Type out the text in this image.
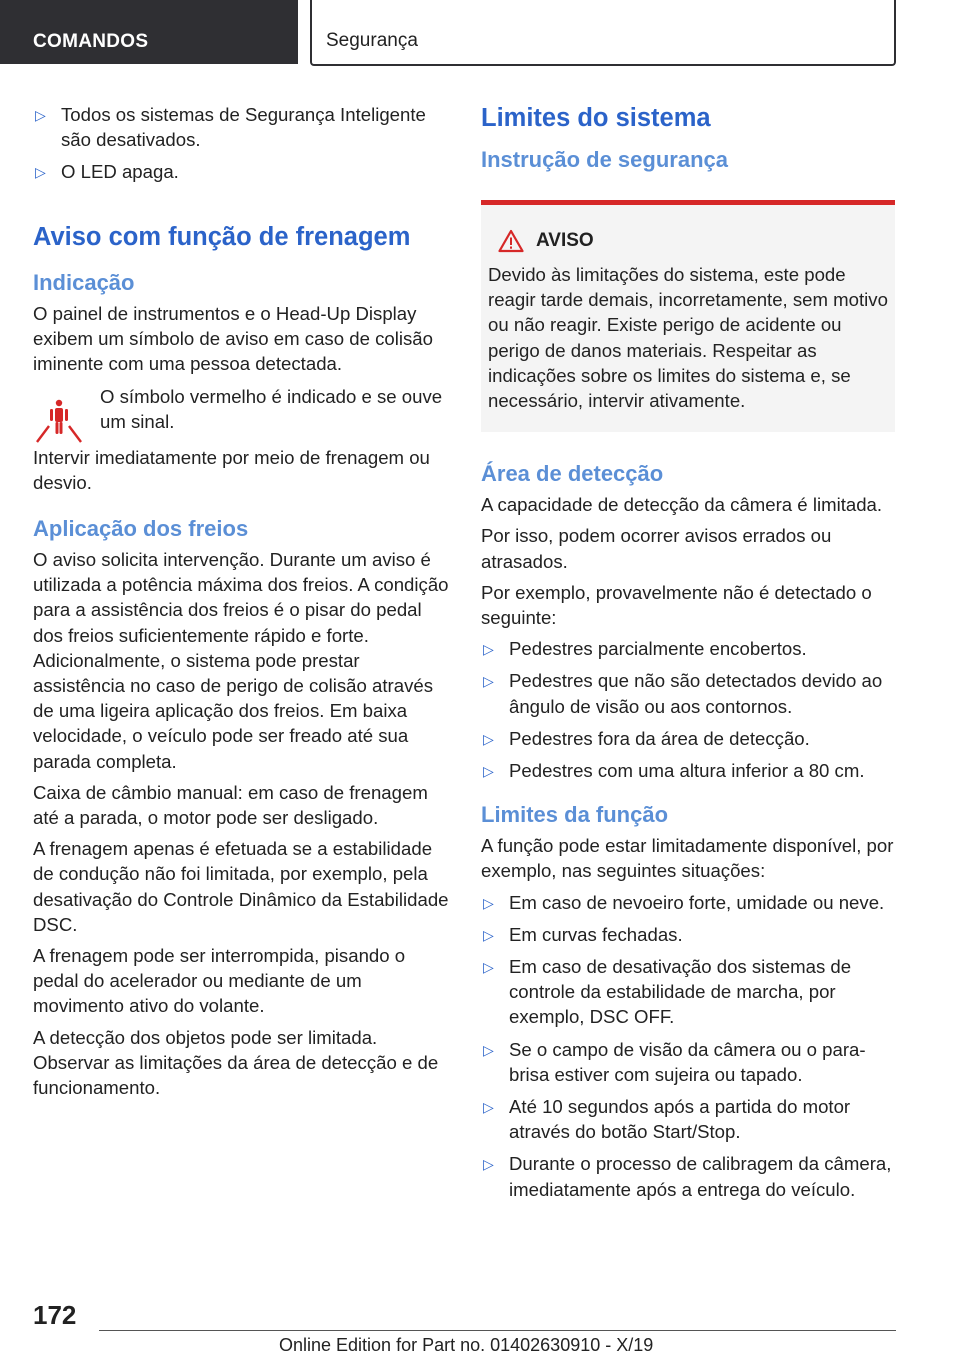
COMANDOS	Segurança
▷ Todos os sistemas de Segurança Inteligente são desativados.
▷ O LED apaga.
Aviso com função de frenagem
Indicação

O painel de instrumentos e o Head-Up Display exibem um símbolo de aviso em caso de colisão iminente com uma pessoa detectada.

O símbolo vermelho é indicado e se ouve um sinal.

Intervir imediatamente por meio de frenagem ou desvio.

Aplicação dos freios

O aviso solicita intervenção. Durante um aviso é utilizada a potência máxima dos freios. A condição para a assistência dos freios é o pisar do pedal dos freios suficientemente rápido e forte. Adicionalmente, o sistema pode prestar assistência no caso de perigo de colisão através de uma ligeira aplicação dos freios. Em baixa velocidade, o veículo pode ser freado até sua parada completa.

Caixa de câmbio manual: em caso de frenagem até a parada, o motor pode ser desligado.

A frenagem apenas é efetuada se a estabilidade de condução não foi limitada, por exemplo, pela desativação do Controle Dinâmico da Estabilidade DSC.

A frenagem pode ser interrompida, pisando o pedal do acelerador ou mediante de um movimento ativo do volante.

A detecção dos objetos pode ser limitada. Observar as limitações da área de detecção e de funcionamento.

Limites do sistema
Instrução de segurança
AVISO

Devido às limitações do sistema, este pode reagir tarde demais, incorretamente, sem motivo ou não reagir. Existe perigo de acidente ou perigo de danos materiais. Respeitar as indicações sobre os limites do sistema e, se necessário, intervir ativamente.

Área de detecção

A capacidade de detecção da câmera é limitada.

Por isso, podem ocorrer avisos errados ou atrasados.

Por exemplo, provavelmente não é detectado o seguinte:

▷ Pedestres parcialmente encobertos.
▷ Pedestres que não são detectados devido ao ângulo de visão ou aos contornos.
▷ Pedestres fora da área de detecção.
▷ Pedestres com uma altura inferior a 80 cm.
Limites da função

A função pode estar limitadamente disponível, por exemplo, nas seguintes situações:

▷ Em caso de nevoeiro forte, umidade ou neve.
▷ Em curvas fechadas.
▷ Em caso de desativação dos sistemas de controle da estabilidade de marcha, por exemplo, DSC OFF.
▷ Se o campo de visão da câmera ou o para-brisa estiver com sujeira ou tapado.
▷ Até 10 segundos após a partida do motor através do botão Start/Stop.
▷ Durante o processo de calibragem da câmera, imediatamente após a entrega do veículo.
172
Online Edition for Part no. 01402630910 - X/19
